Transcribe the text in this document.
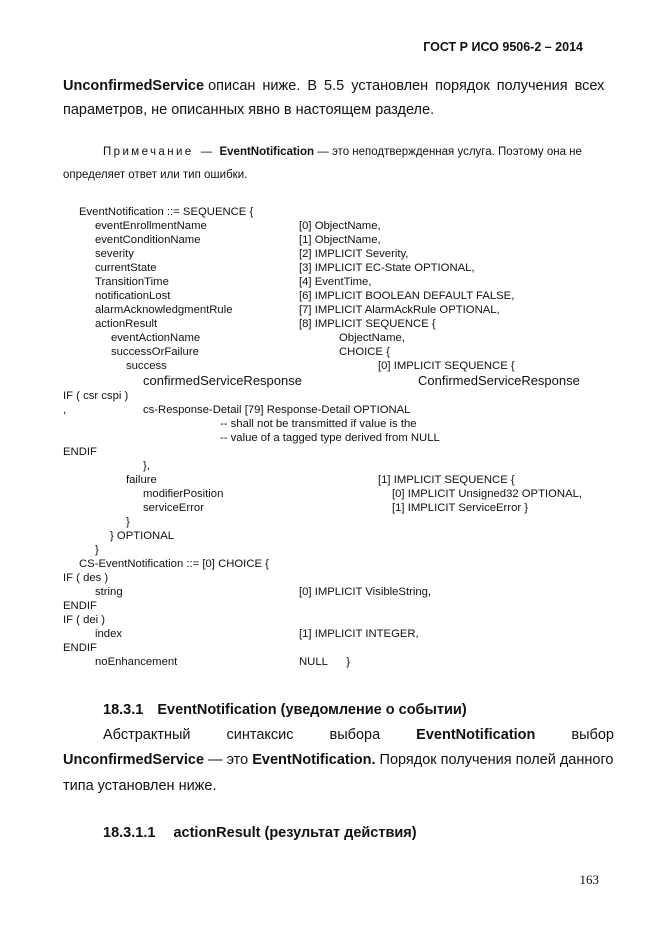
ГОСТ Р ИСО 9506-2 – 2014
UnconfirmedService описан ниже. В 5.5 установлен порядок получения всех
параметров, не описанных явно в настоящем разделе.
Примечание — EventNotification — это неподтвержденная услуга. Поэтому она не
определяет ответ или тип ошибки.
EventNotification ::= SEQUENCE {
eventEnrollmentName	[0] ObjectName,
eventConditionName	[1] ObjectName,
severity	[2] IMPLICIT Severity,
currentState	[3] IMPLICIT EC-State OPTIONAL,
TransitionTime	[4] EventTime,
notificationLost	[6] IMPLICIT BOOLEAN DEFAULT FALSE,
alarmAcknowledgmentRule	[7] IMPLICIT AlarmAckRule OPTIONAL,
actionResult	[8] IMPLICIT SEQUENCE {
eventActionName	ObjectName,
successOrFailure	CHOICE {
success	[0] IMPLICIT SEQUENCE {
confirmedServiceResponse	ConfirmedServiceResponse
IF ( csr cspi )
,	cs-Response-Detail [79] Response-Detail OPTIONAL
-- shall not be transmitted if value is the
-- value of a tagged type derived from NULL
ENDIF
},
failure	[1] IMPLICIT SEQUENCE {
modifierPosition	[0] IMPLICIT Unsigned32 OPTIONAL,
serviceError	[1] IMPLICIT ServiceError }
}
} OPTIONAL
}
CS-EventNotification ::= [0] CHOICE {
IF ( des )
string	[0] IMPLICIT VisibleString,
ENDIF
IF ( dei )
index	[1] IMPLICIT INTEGER,
ENDIF
noEnhancement	NULL      }
18.3.1 EventNotification (уведомление о событии)
Абстрактный синтаксис выбора EventNotification выбор
UnconfirmedService — это EventNotification. Порядок получения полей данного
типа установлен ниже.
18.3.1.1 actionResult (результат действия)
163
